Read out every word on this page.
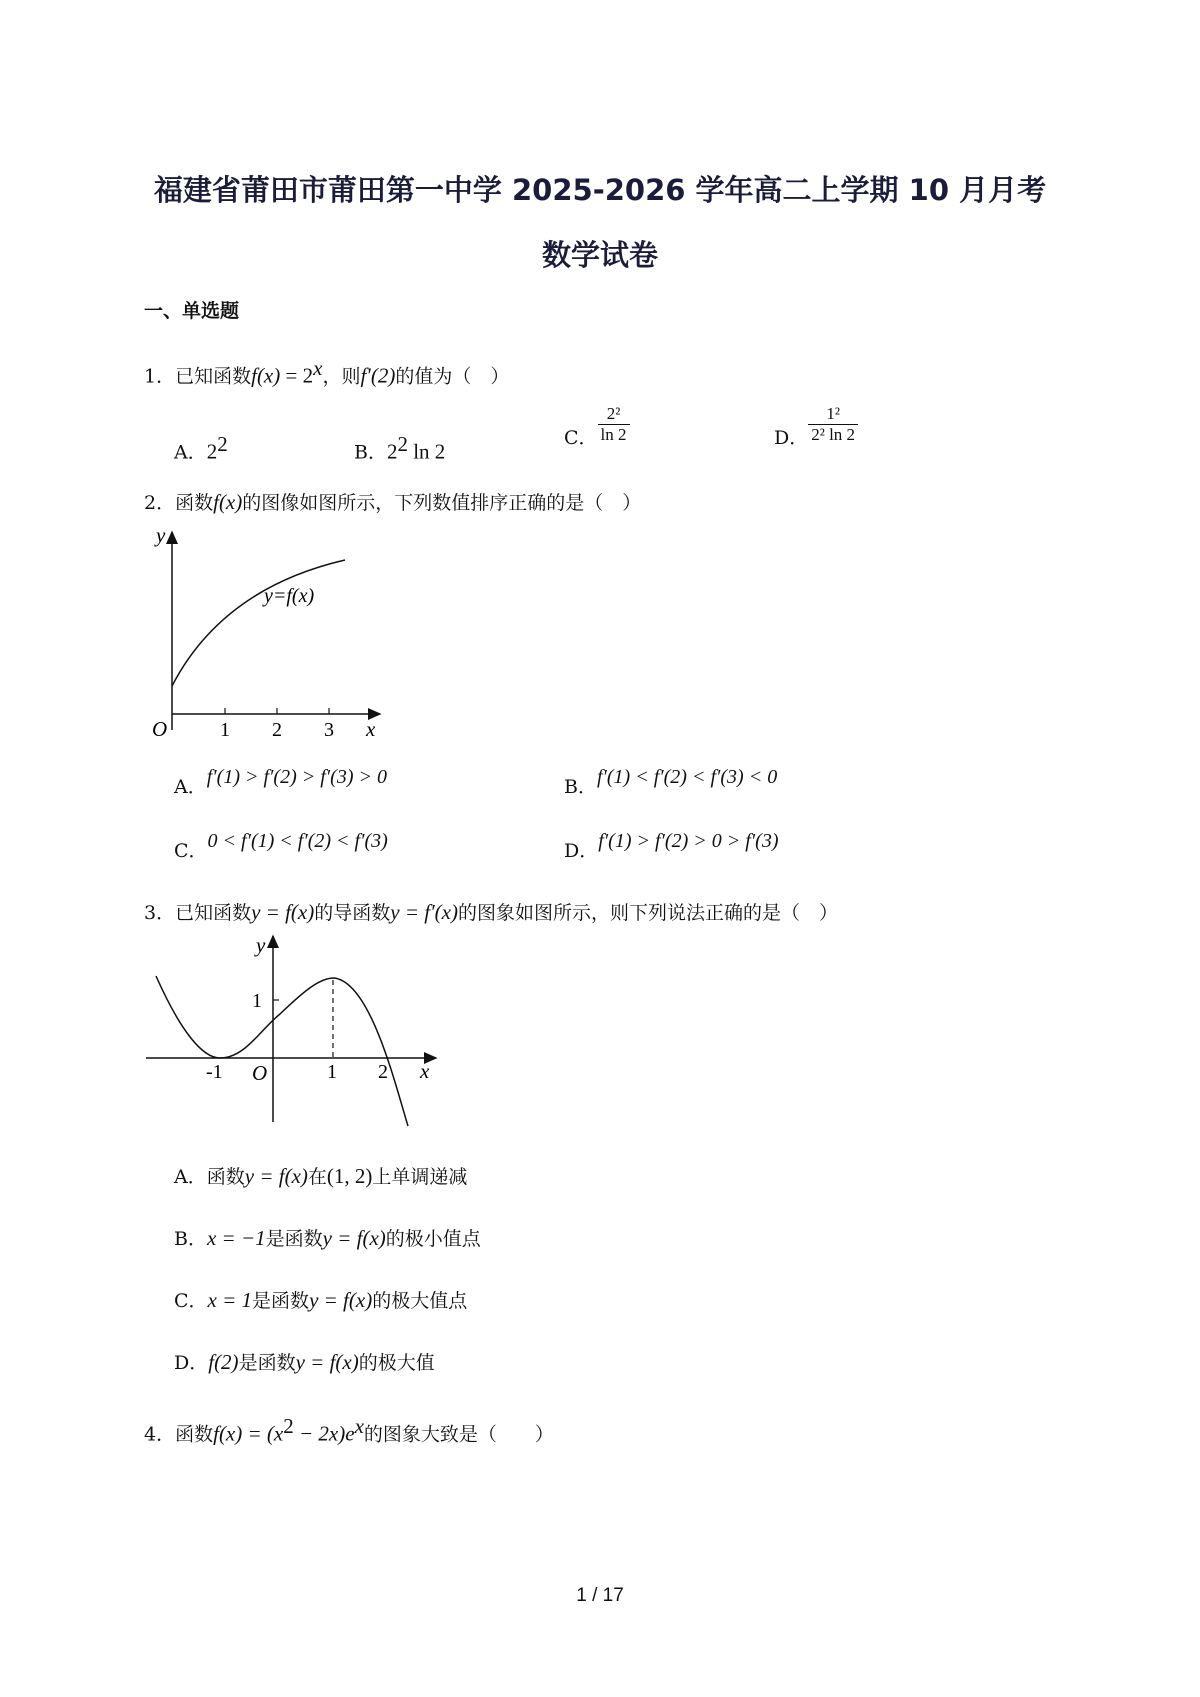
福建省莆田市莆田第一中学 2025-2026 学年高二上学期 10 月月考
数学试卷
一、单选题
1．已知函数$f(x) = 2^x$，则f′(2)的值为（　）
A．$2^2$	B．$2^2$ ln 2
C． $\frac{\text{2²}}{\ln 2}$	D． $\frac{\text{1²}}{\text{2² ln 2}}$
2．函数f(x)的图像如图所示，下列数值排序正确的是（　）
y
x
O
y=f(x)
1 2 3
A．f′(1) > f′(2) > f′(3) > 0	B．f′(1) < f′(2) < f′(3) < 0
C．0 < f′(1) < f′(2) < f′(3)	D．f′(1) > f′(2) > 0 > f′(3)
3．已知函数y = f(x)的导函数y = f′(x)的图象如图所示，则下列说法正确的是（　）
y
x
O
1
-1	1 2
A．函数y = f(x)在(1, 2)上单调递减
B．x = −1是函数y = f(x)的极小值点
C．x = 1是函数y = f(x)的极大值点
D．f(2)是函数y = f(x)的极大值
4．函数$f(x) = (x^2 - 2x)e^x$的图象大致是（　　）
1 / 17
